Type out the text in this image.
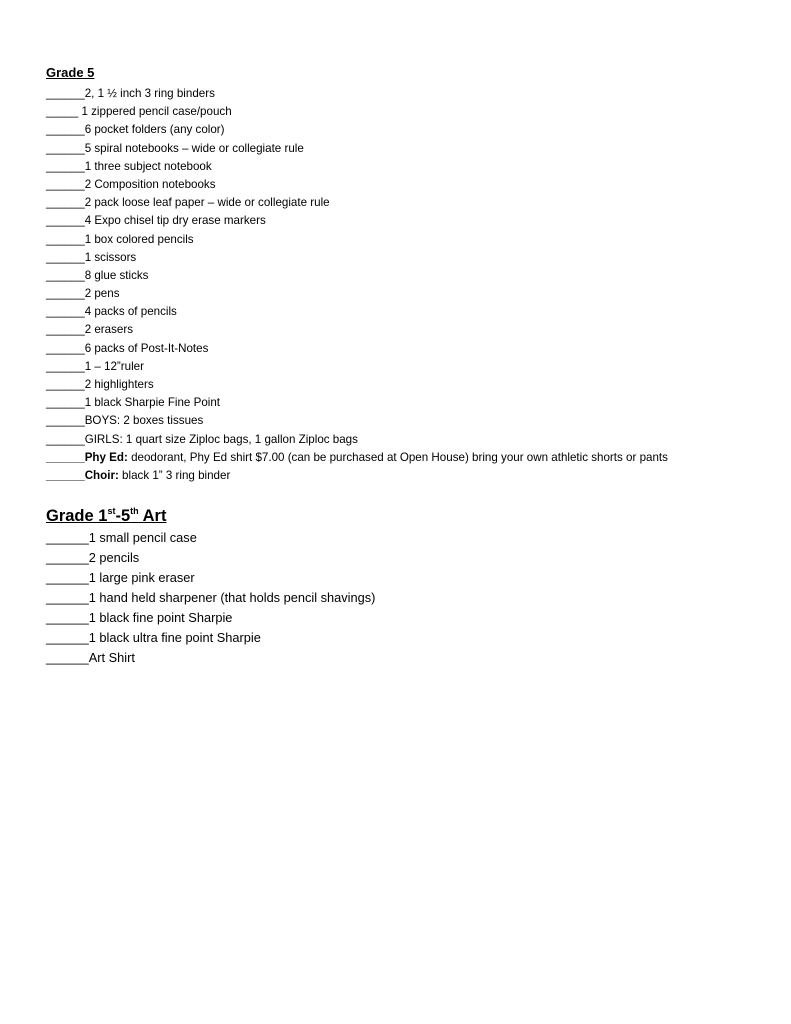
Grade 5
______2, 1 ½ inch 3 ring binders
_____ 1 zippered pencil case/pouch
______6 pocket folders (any color)
______5 spiral notebooks – wide or collegiate rule
______1 three subject notebook
______2 Composition notebooks
______2 pack loose leaf paper – wide or collegiate rule
______4 Expo chisel tip dry erase markers
______1 box colored pencils
______1 scissors
______8 glue sticks
______2 pens
______4 packs of pencils
______2 erasers
______6 packs of Post-It-Notes
______1 – 12”ruler
______2 highlighters
______1 black Sharpie Fine Point
______BOYS: 2 boxes tissues
______GIRLS: 1 quart size Ziploc bags, 1 gallon Ziploc bags
______Phy Ed: deodorant, Phy Ed shirt $7.00 (can be purchased at Open House) bring your own athletic shorts or pants
______Choir: black 1” 3 ring binder
Grade 1st-5th Art
______1 small pencil case
______2 pencils
______1 large pink eraser
______1 hand held sharpener (that holds pencil shavings)
______1 black fine point Sharpie
______1 black ultra fine point Sharpie
______Art Shirt
